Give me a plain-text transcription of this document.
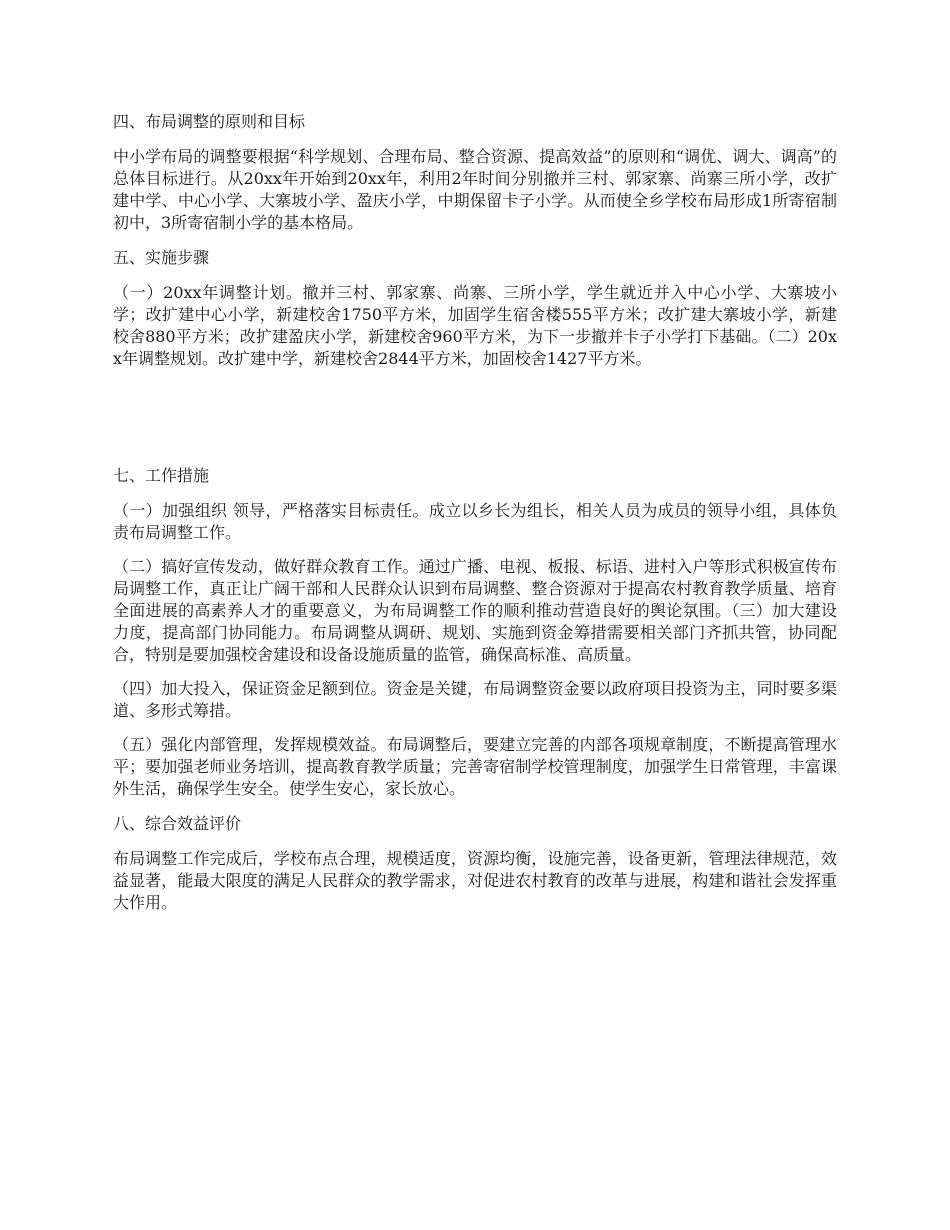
四、布局调整的原则和目标
中小学布局的调整要根据“科学规划、合理布局、整合资源、提高效益”的原则和“调优、调大、调高”的总体目标进行。从20xx年开始到20xx年，利用2年时间分别撤并三村、郭家寨、尚寨三所小学，改扩建中学、中心小学、大寨坡小学、盈庆小学，中期保留卡子小学。从而使全乡学校布局形成1所寄宿制初中，3所寄宿制小学的基本格局。
五、实施步骤
（一）20xx年调整计划。撤并三村、郭家寨、尚寨、三所小学，学生就近并入中心小学、大寨坡小学；改扩建中心小学，新建校舍1750平方米，加固学生宿舍楼555平方米；改扩建大寨坡小学，新建校舍880平方米；改扩建盈庆小学，新建校舍960平方米，为下一步撤并卡子小学打下基础。（二）20xx年调整规划。改扩建中学，新建校舍2844平方米，加固校舍1427平方米。
七、工作措施
（一）加强组织 领导，严格落实目标责任。成立以乡长为组长，相关人员为成员的领导小组，具体负责布局调整工作。
（二）搞好宣传发动，做好群众教育工作。通过广播、电视、板报、标语、进村入户等形式积极宣传布局调整工作，真正让广阔干部和人民群众认识到布局调整、整合资源对于提高农村教育教学质量、培育全面进展的高素养人才的重要意义，为布局调整工作的顺利推动营造良好的舆论氛围。（三）加大建设力度，提高部门协同能力。布局调整从调研、规划、实施到资金筹措需要相关部门齐抓共管，协同配合，特别是要加强校舍建设和设备设施质量的监管，确保高标准、高质量。
（四）加大投入，保证资金足额到位。资金是关键，布局调整资金要以政府项目投资为主，同时要多渠道、多形式筹措。
（五）强化内部管理，发挥规模效益。布局调整后，要建立完善的内部各项规章制度，不断提高管理水平；要加强老师业务培训，提高教育教学质量；完善寄宿制学校管理制度，加强学生日常管理，丰富课外生活，确保学生安全。使学生安心，家长放心。
八、综合效益评价
布局调整工作完成后，学校布点合理，规模适度，资源均衡，设施完善，设备更新，管理法律规范，效益显著，能最大限度的满足人民群众的教学需求，对促进农村教育的改革与进展，构建和谐社会发挥重大作用。
